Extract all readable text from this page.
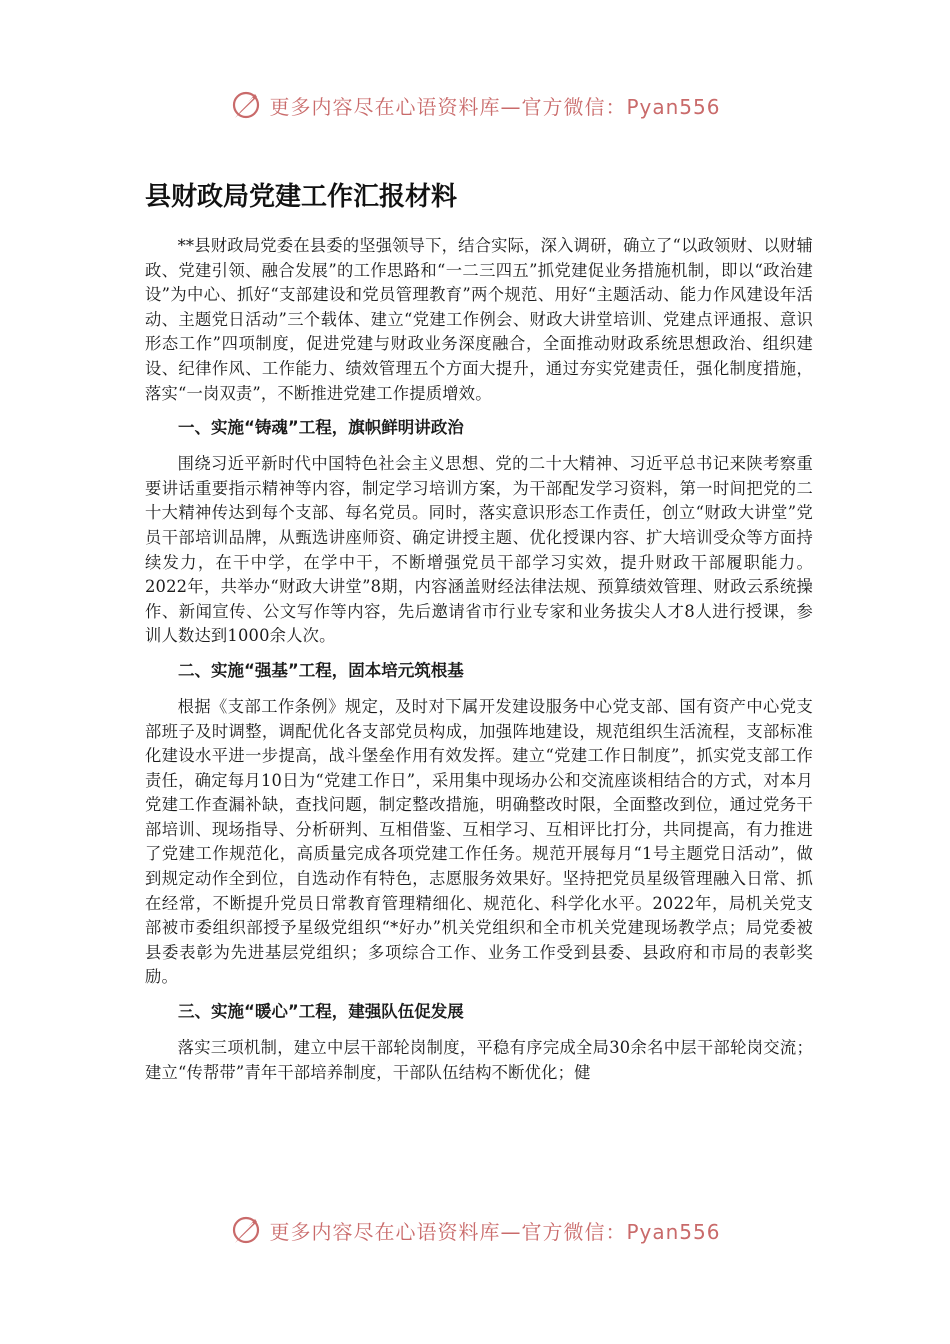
更多内容尽在心语资料库—官方微信：Pyan556
县财政局党建工作汇报材料

**县财政局党委在县委的坚强领导下，结合实际，深入调研，确立了“以政领财、以财辅政、党建引领、融合发展”的工作思路和“一二三四五”抓党建促业务措施机制，即以“政治建设”为中心、抓好“支部建设和党员管理教育”两个规范、用好“主题活动、能力作风建设年活动、主题党日活动”三个载体、建立“党建工作例会、财政大讲堂培训、党建点评通报、意识形态工作”四项制度，促进党建与财政业务深度融合，全面推动财政系统思想政治、组织建设、纪律作风、工作能力、绩效管理五个方面大提升，通过夯实党建责任，强化制度措施，落实“一岗双责”，不断推进党建工作提质增效。

一、实施“铸魂”工程，旗帜鲜明讲政治

围绕习近平新时代中国特色社会主义思想、党的二十大精神、习近平总书记来陕考察重要讲话重要指示精神等内容，制定学习培训方案，为干部配发学习资料，第一时间把党的二十大精神传达到每个支部、每名党员。同时，落实意识形态工作责任，创立“财政大讲堂”党员干部培训品牌，从甄选讲座师资、确定讲授主题、优化授课内容、扩大培训受众等方面持续发力，在干中学，在学中干，不断增强党员干部学习实效，提升财政干部履职能力。2022年，共举办“财政大讲堂”8期，内容涵盖财经法律法规、预算绩效管理、财政云系统操作、新闻宣传、公文写作等内容，先后邀请省市行业专家和业务拔尖人才8人进行授课，参训人数达到1000余人次。

二、实施“强基”工程，固本培元筑根基

根据《支部工作条例》规定，及时对下属开发建设服务中心党支部、国有资产中心党支部班子及时调整，调配优化各支部党员构成，加强阵地建设，规范组织生活流程，支部标准化建设水平进一步提高，战斗堡垒作用有效发挥。建立“党建工作日制度”，抓实党支部工作责任，确定每月10日为“党建工作日”，采用集中现场办公和交流座谈相结合的方式，对本月党建工作查漏补缺，查找问题，制定整改措施，明确整改时限，全面整改到位，通过党务干部培训、现场指导、分析研判、互相借鉴、互相学习、互相评比打分，共同提高，有力推进了党建工作规范化，高质量完成各项党建工作任务。规范开展每月“1号主题党日活动”，做到规定动作全到位，自选动作有特色，志愿服务效果好。坚持把党员星级管理融入日常、抓在经常，不断提升党员日常教育管理精细化、规范化、科学化水平。2022年，局机关党支部被市委组织部授予星级党组织“*好办”机关党组织和全市机关党建现场教学点；局党委被县委表彰为先进基层党组织；多项综合工作、业务工作受到县委、县政府和市局的表彰奖励。

三、实施“暖心”工程，建强队伍促发展

落实三项机制，建立中层干部轮岗制度，平稳有序完成全局30余名中层干部轮岗交流；建立“传帮带”青年干部培养制度，干部队伍结构不断优化；健

更多内容尽在心语资料库—官方微信：Pyan556
